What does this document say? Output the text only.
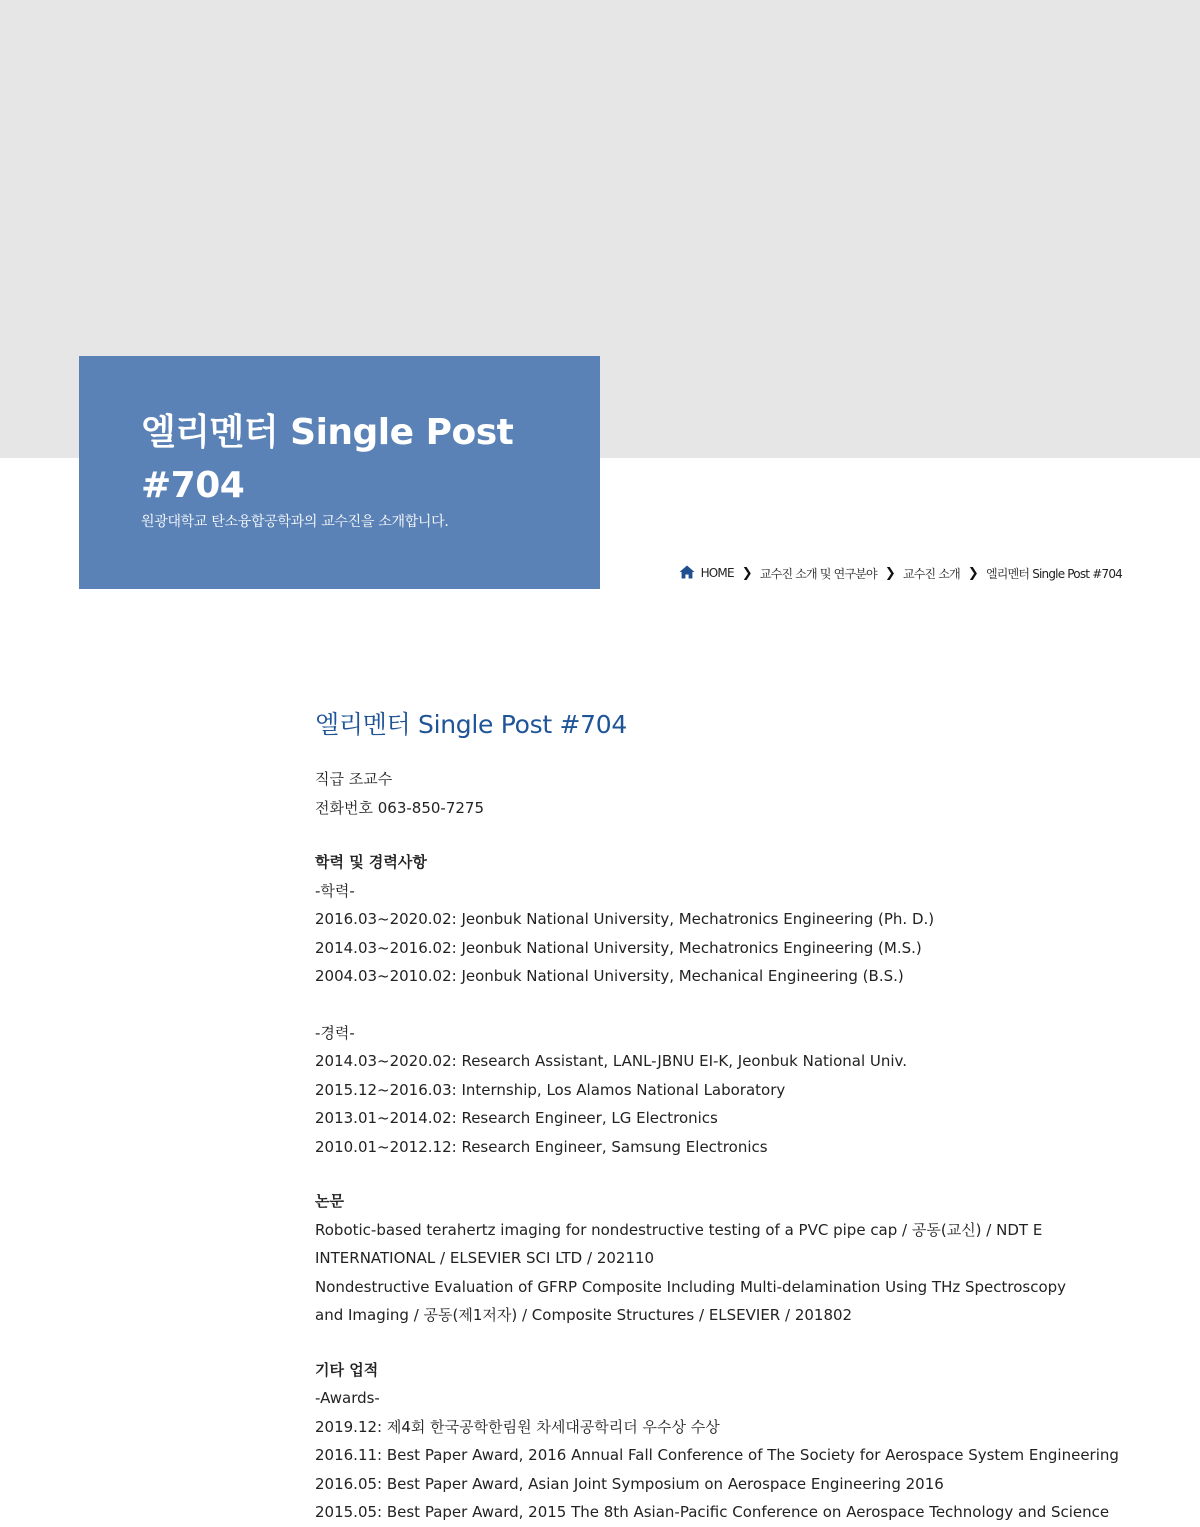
엘리멘터 Single Post #704
원광대학교 탄소융합공학과의 교수진을 소개합니다.
HOME ❯ 교수진 소개 및 연구분야 ❯ 교수진 소개 ❯ 엘리멘터 Single Post #704
엘리멘터 Single Post #704
직급 조교수
전화번호 063-850-7275
학력 및 경력사항
-학력-
2016.03~2020.02: Jeonbuk National University, Mechatronics Engineering (Ph. D.)
2014.03~2016.02: Jeonbuk National University, Mechatronics Engineering (M.S.)
2004.03~2010.02: Jeonbuk National University, Mechanical Engineering (B.S.)
-경력-
2014.03~2020.02: Research Assistant, LANL-JBNU EI-K, Jeonbuk National Univ.
2015.12~2016.03: Internship, Los Alamos National Laboratory
2013.01~2014.02: Research Engineer, LG Electronics
2010.01~2012.12: Research Engineer, Samsung Electronics
논문
Robotic-based terahertz imaging for nondestructive testing of a PVC pipe cap / 공동(교신) / NDT E INTERNATIONAL / ELSEVIER SCI LTD / 202110
Nondestructive Evaluation of GFRP Composite Including Multi-delamination Using THz Spectroscopy and Imaging / 공동(제1저자) / Composite Structures / ELSEVIER / 201802
기타 업적
-Awards-
2019.12: 제4회 한국공학한림원 차세대공학리더 우수상 수상
2016.11: Best Paper Award, 2016 Annual Fall Conference of The Society for Aerospace System Engineering
2016.05: Best Paper Award, Asian Joint Symposium on Aerospace Engineering 2016
2015.05: Best Paper Award, 2015 The 8th Asian-Pacific Conference on Aerospace Technology and Science
